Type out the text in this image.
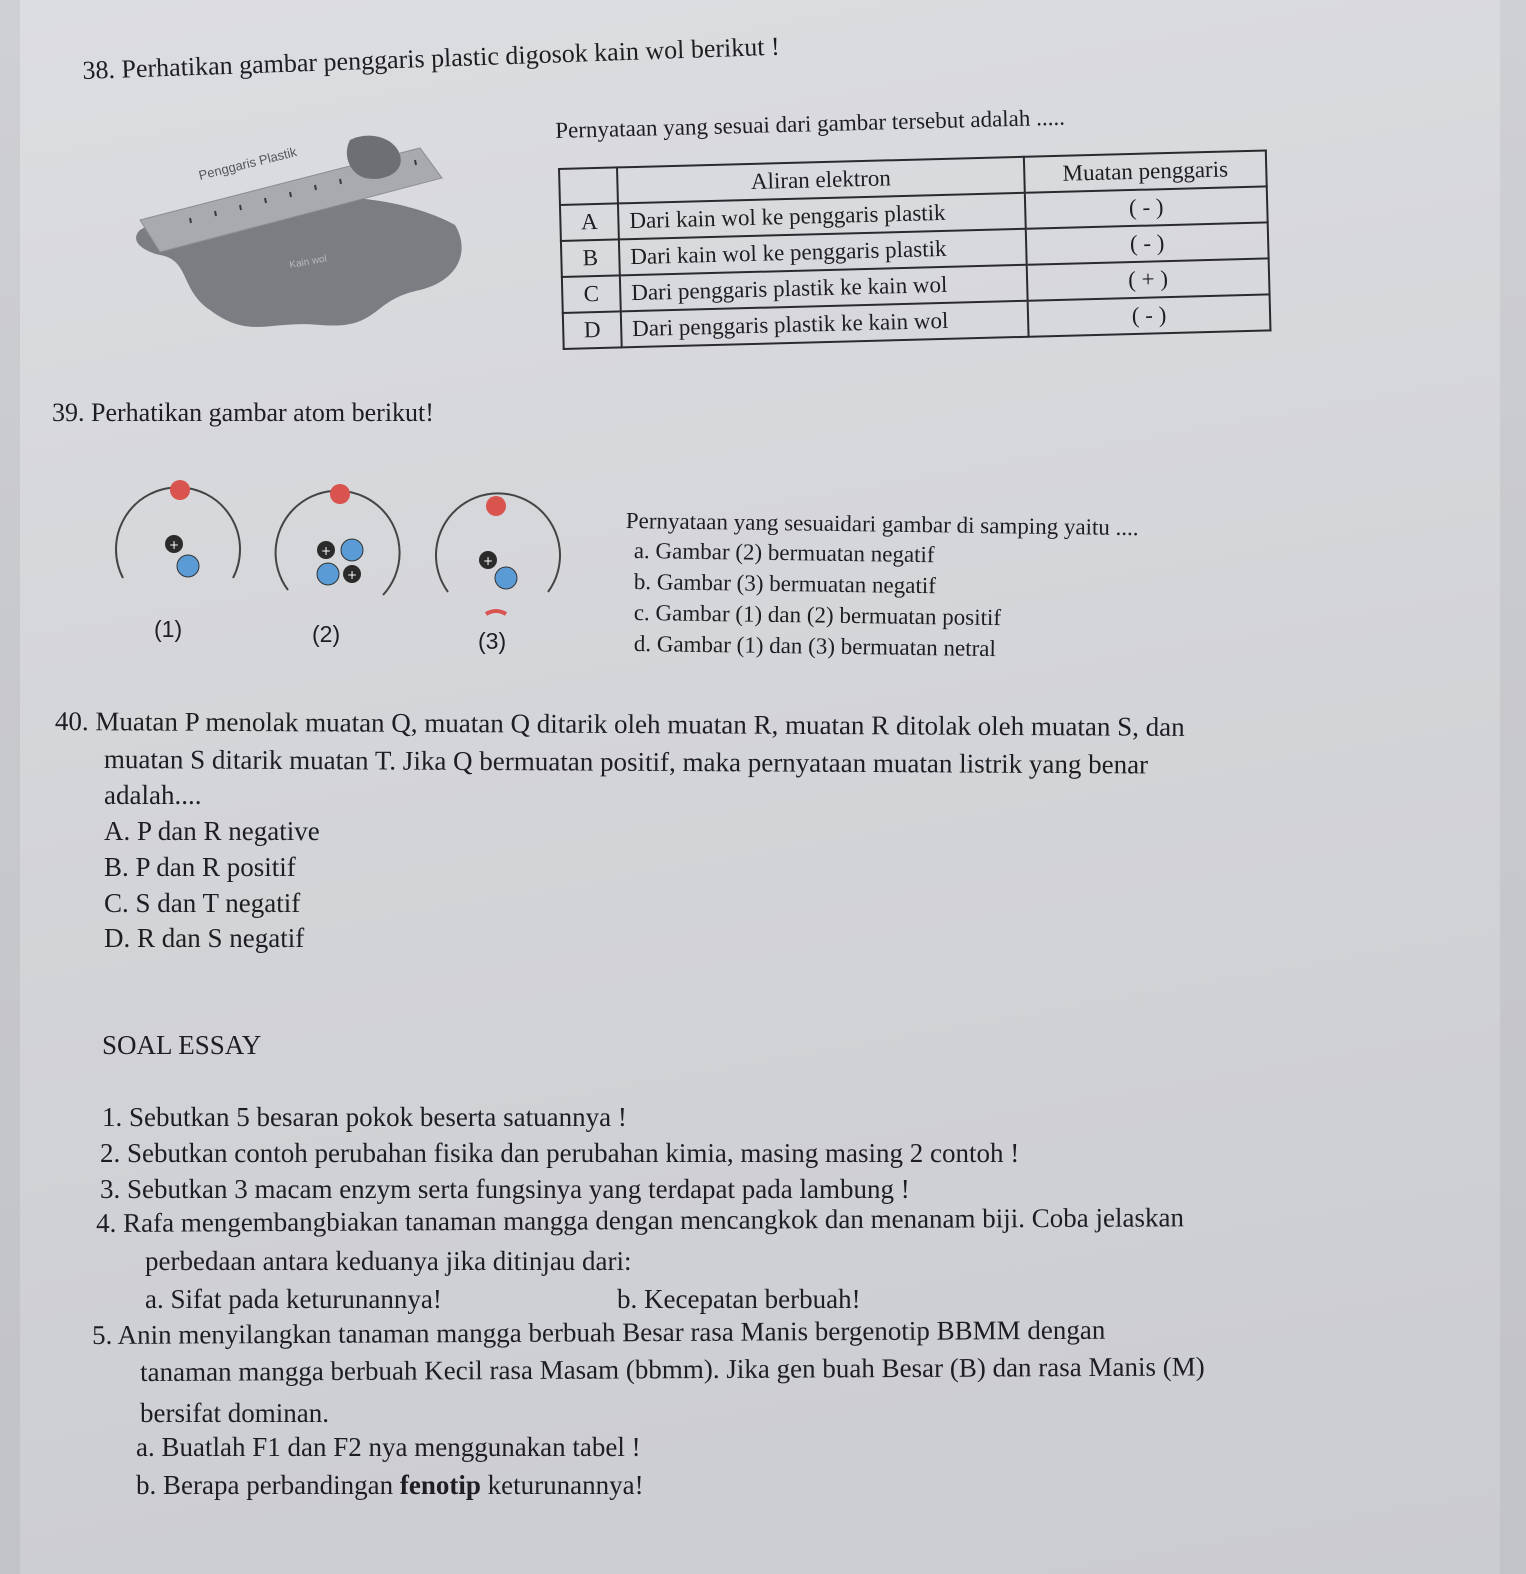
38. Perhatikan gambar penggaris plastic digosok kain wol berikut !
Penggaris Plastik
Kain wol
Pernyataan yang sesuai dari gambar tersebut adalah .....
	Aliran elektron	Muatan penggaris
A	Dari kain wol ke penggaris plastik	( - )
B	Dari kain wol ke penggaris plastik	( - )
C	Dari penggaris plastik ke kain wol	( + )
D	Dari penggaris plastik ke kain wol	( - )
39. Perhatikan gambar atom berikut!
+
(1)
+
+
(2)
+
(3)
Pernyataan yang sesuaidari gambar di samping yaitu ....
a. Gambar (2) bermuatan negatif
b. Gambar (3) bermuatan negatif
c. Gambar (1) dan (2) bermuatan positif
d. Gambar (1) dan (3) bermuatan netral
40. Muatan P menolak muatan Q, muatan Q ditarik oleh muatan R, muatan R ditolak oleh muatan S, dan
muatan S ditarik muatan T. Jika Q bermuatan positif, maka pernyataan muatan listrik yang benar
adalah....
A. P dan R negative
B. P dan R positif
C. S dan T negatif
D. R dan S negatif
SOAL ESSAY
1. Sebutkan 5 besaran pokok beserta satuannya !
2. Sebutkan contoh perubahan fisika dan perubahan kimia, masing masing 2 contoh !
3. Sebutkan 3 macam enzym serta fungsinya yang terdapat pada lambung !
4. Rafa mengembangbiakan tanaman mangga dengan mencangkok dan menanam biji. Coba jelaskan
perbedaan antara keduanya jika ditinjau dari:
a. Sifat pada keturunannya!	b. Kecepatan berbuah!
5. Anin menyilangkan tanaman mangga berbuah Besar rasa Manis bergenotip BBMM dengan
tanaman mangga berbuah Kecil rasa Masam (bbmm). Jika gen buah Besar (B) dan rasa Manis (M)
bersifat dominan.
a. Buatlah F1 dan F2 nya menggunakan tabel !
b. Berapa perbandingan fenotip keturunannya!
